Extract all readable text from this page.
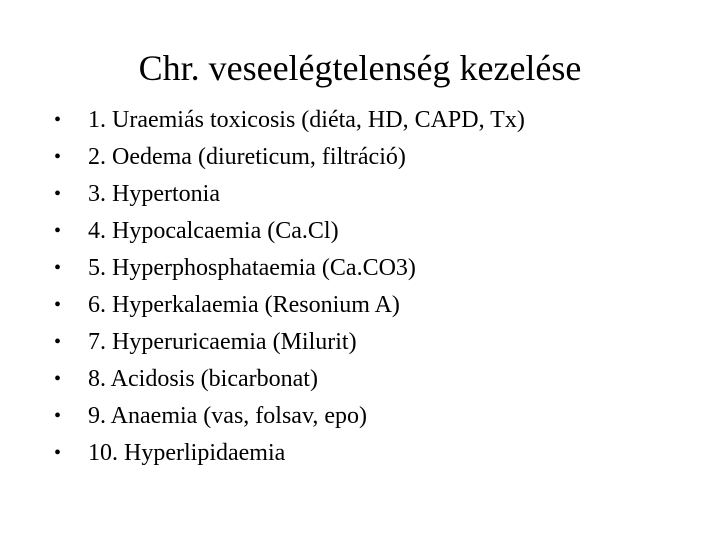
Chr. veseelégtelenség kezelése
•	1. Uraemiás toxicosis (diéta, HD, CAPD, Tx)
•	2. Oedema (diureticum, filtráció)
•	3. Hypertonia
•	4. Hypocalcaemia (Ca.Cl)
•	5. Hyperphosphataemia (Ca.CO3)
•	6. Hyperkalaemia (Resonium A)
•	7. Hyperuricaemia (Milurit)
•	8. Acidosis (bicarbonat)
•	9. Anaemia (vas, folsav, epo)
•	10. Hyperlipidaemia
